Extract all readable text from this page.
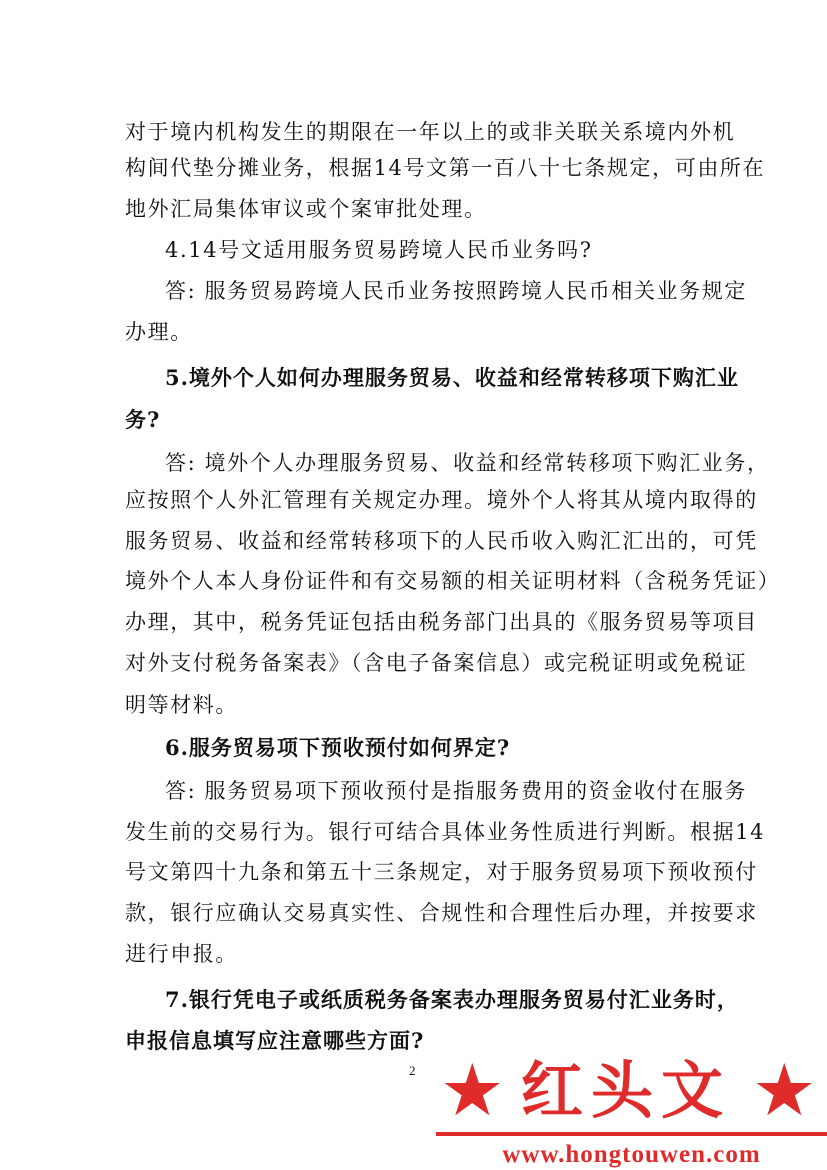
对于境内机构发生的期限在一年以上的或非关联关系境内外机
构间代垫分摊业务，根据14号文第一百八十七条规定，可由所在
地外汇局集体审议或个案审批处理。
4.14号文适用服务贸易跨境人民币业务吗?
答: 服务贸易跨境人民币业务按照跨境人民币相关业务规定
办理。
5.境外个人如何办理服务贸易、收益和经常转移项下购汇业
务?
答: 境外个人办理服务贸易、收益和经常转移项下购汇业务，
应按照个人外汇管理有关规定办理。境外个人将其从境内取得的
服务贸易、收益和经常转移项下的人民币收入购汇汇出的，可凭
境外个人本人身份证件和有交易额的相关证明材料（含税务凭证）
办理，其中，税务凭证包括由税务部门出具的《服务贸易等项目
对外支付税务备案表》（含电子备案信息）或完税证明或免税证
明等材料。
6.服务贸易项下预收预付如何界定?
答: 服务贸易项下预收预付是指服务费用的资金收付在服务
发生前的交易行为。银行可结合具体业务性质进行判断。根据14
号文第四十九条和第五十三条规定，对于服务贸易项下预收预付
款，银行应确认交易真实性、合规性和合理性后办理，并按要求
进行申报。
7.银行凭电子或纸质税务备案表办理服务贸易付汇业务时，
申报信息填写应注意哪些方面?
2 ★ 红头文 ★
www.hongtouwen.com
